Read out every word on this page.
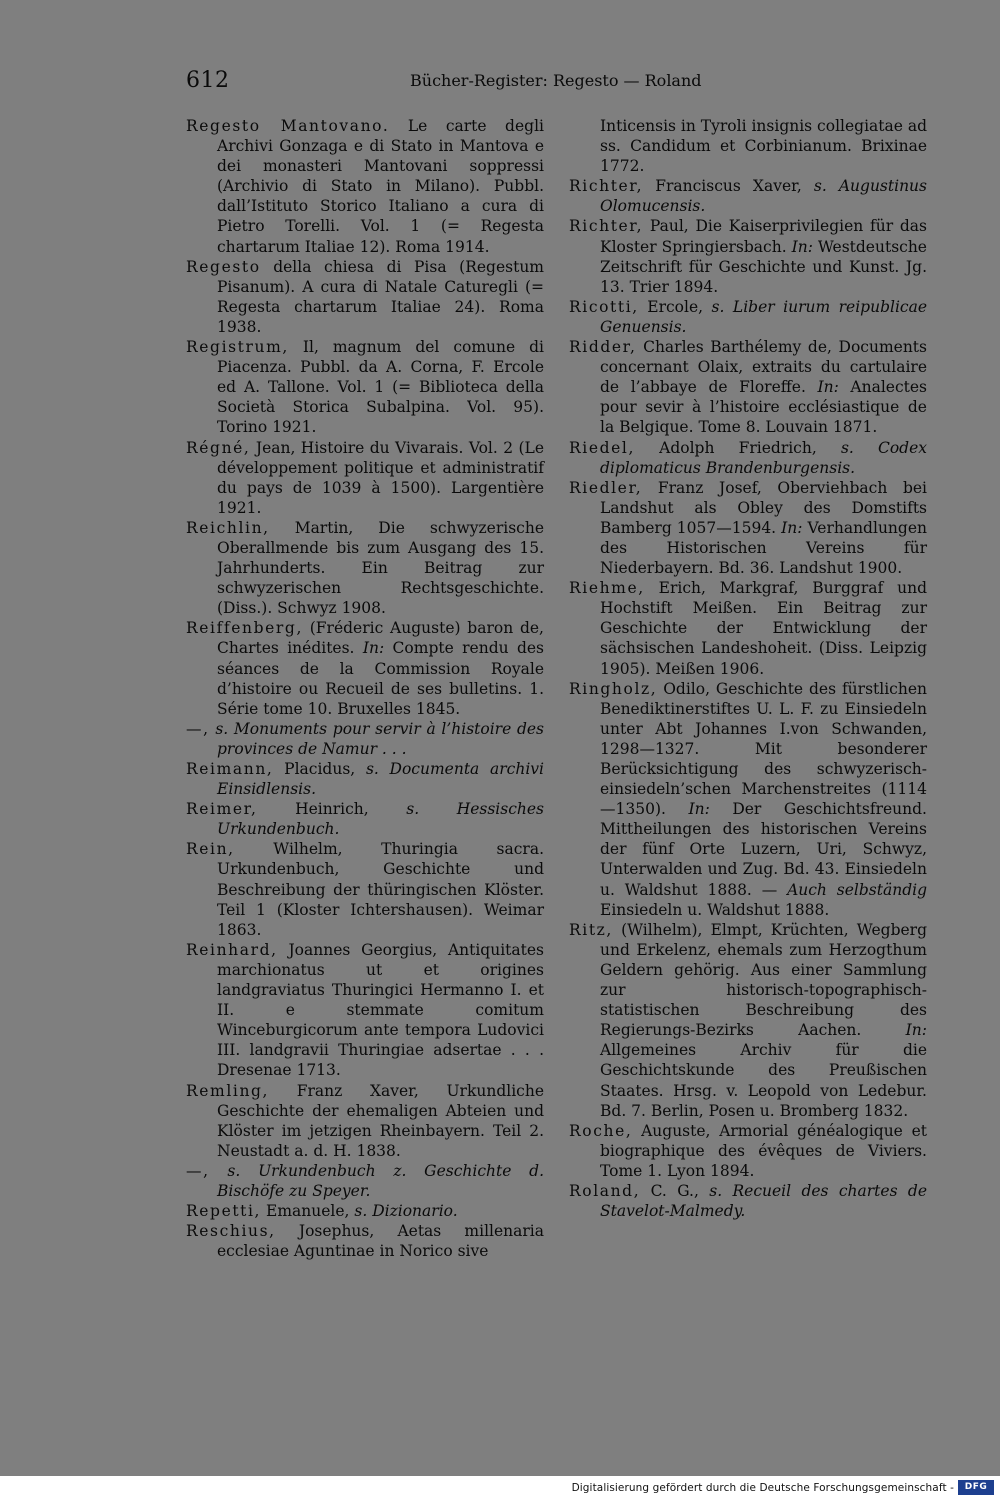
612	Bücher-Register: Regesto — Roland

Regesto Mantovano. Le carte degli Archivi Gonzaga e di Stato in Mantova e dei monasteri Mantovani soppressi (Archivio di Stato in Milano). Pubbl. dall’Istituto Storico Italiano a cura di Pietro Torelli. Vol. 1 (= Regesta chartarum Italiae 12). Roma 1914.

Regesto della chiesa di Pisa (Regestum Pisanum). A cura di Natale Caturegli (= Regesta chartarum Italiae 24). Roma 1938.

Registrum, Il, magnum del comune di Piacenza. Pubbl. da A. Corna, F. Ercole ed A. Tallone. Vol. 1 (= Biblioteca della Società Storica Subalpina. Vol. 95). Torino 1921.

Régné, Jean, Histoire du Vivarais. Vol. 2 (Le développement politique et administratif du pays de 1039 à 1500). Largentière 1921.

Reichlin, Martin, Die schwyzerische Oberallmende bis zum Ausgang des 15. Jahrhunderts. Ein Beitrag zur schwyzerischen Rechtsgeschichte. (Diss.). Schwyz 1908.

Reiffenberg, (Fréderic Auguste) baron de, Chartes inédites. In: Compte rendu des séances de la Commission Royale d’histoire ou Recueil de ses bulletins. 1. Série tome 10. Bruxelles 1845.

—, s. Monuments pour servir à l’histoire des provinces de Namur . . .

Reimann, Placidus, s. Documenta archivi Einsidlensis.

Reimer, Heinrich, s. Hessisches Urkundenbuch.

Rein, Wilhelm, Thuringia sacra. Urkundenbuch, Geschichte und Beschreibung der thüringischen Klöster. Teil 1 (Kloster Ichtershausen). Weimar 1863.

Reinhard, Joannes Georgius, Antiquitates marchionatus ut et origines landgraviatus Thuringici Hermanno I. et II. e stemmate comitum Winceburgicorum ante tempora Ludovici III. landgravii Thuringiae adsertae . . . Dresenae 1713.

Remling, Franz Xaver, Urkundliche Geschichte der ehemaligen Abteien und Klöster im jetzigen Rheinbayern. Teil 2. Neustadt a. d. H. 1838.

—, s. Urkundenbuch z. Geschichte d. Bischöfe zu Speyer.

Repetti, Emanuele, s. Dizionario.

Reschius, Josephus, Aetas millenaria ecclesiae Aguntinae in Norico sive

Inticensis in Tyroli insignis collegiatae ad ss. Candidum et Corbinianum. Brixinae 1772.

Richter, Franciscus Xaver, s. Augustinus Olomucensis.

Richter, Paul, Die Kaiserprivilegien für das Kloster Springiersbach. In: Westdeutsche Zeitschrift für Geschichte und Kunst. Jg. 13. Trier 1894.

Ricotti, Ercole, s. Liber iurum reipublicae Genuensis.

Ridder, Charles Barthélemy de, Documents concernant Olaix, extraits du cartulaire de l’abbaye de Floreffe. In: Analectes pour sevir à l’histoire ecclésiastique de la Belgique. Tome 8. Louvain 1871.

Riedel, Adolph Friedrich, s. Codex diplomaticus Brandenburgensis.

Riedler, Franz Josef, Oberviehbach bei Landshut als Obley des Domstifts Bamberg 1057—1594. In: Verhandlungen des Historischen Vereins für Niederbayern. Bd. 36. Landshut 1900.

Riehme, Erich, Markgraf, Burggraf und Hochstift Meißen. Ein Beitrag zur Geschichte der Entwicklung der sächsischen Landeshoheit. (Diss. Leipzig 1905). Meißen 1906.

Ringholz, Odilo, Geschichte des fürstlichen Benediktinerstiftes U. L. F. zu Einsiedeln unter Abt Johannes I.von Schwanden, 1298—1327. Mit besonderer Berücksichtigung des schwyzerisch-einsiedeln’schen Marchenstreites (1114—1350). In: Der Geschichtsfreund. Mittheilungen des historischen Vereins der fünf Orte Luzern, Uri, Schwyz, Unterwalden und Zug. Bd. 43. Einsiedeln u. Waldshut 1888. — Auch selbständig Einsiedeln u. Waldshut 1888.

Ritz, (Wilhelm), Elmpt, Krüchten, Wegberg und Erkelenz, ehemals zum Herzogthum Geldern gehörig. Aus einer Sammlung zur historisch-topographisch-statistischen Beschreibung des Regierungs-Bezirks Aachen. In: Allgemeines Archiv für die Geschichtskunde des Preußischen Staates. Hrsg. v. Leopold von Ledebur. Bd. 7. Berlin, Posen u. Bromberg 1832.

Roche, Auguste, Armorial généalogique et biographique des évêques de Viviers. Tome 1. Lyon 1894.

Roland, C. G., s. Recueil des chartes de Stavelot-Malmedy.

Digitalisierung gefördert durch die Deutsche Forschungsgemeinschaft -	DFG
